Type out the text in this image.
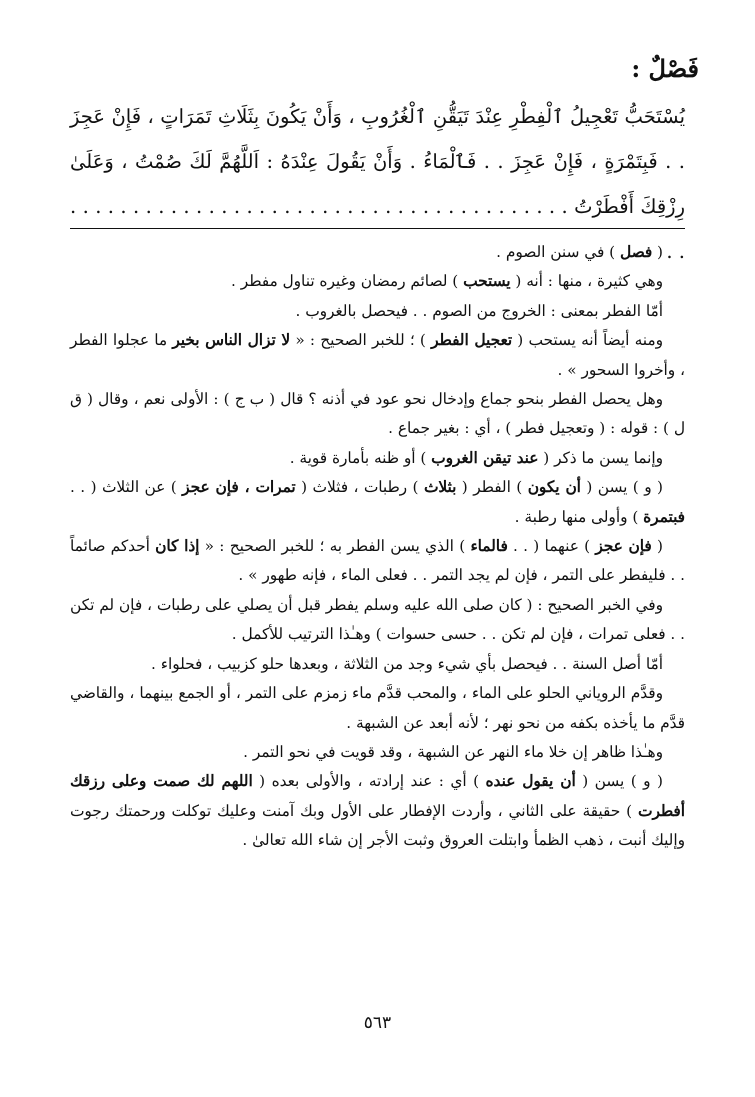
فَصْلٌ :
يُسْتَحَبُّ تَعْجِيلُ ٱلْفِطْرِ عِنْدَ تَيَقُّنِ ٱلْغُرُوبِ ، وَأَنْ يَكُونَ بِثَلَاثِ تَمَرَاتٍ ، فَإِنْ عَجِزَ . . فَبِتَمْرَةٍ ، فَإِنْ عَجِزَ . . فَٱلْمَاءُ . وَأَنْ يَقُولَ عِنْدَهُ : اَللَّهُمَّ لَكَ صُمْتُ ، وَعَلَىٰ رِزْقِكَ أَفْطَرْتُ . . . . . . . . . . . . . . . . . . . . . . . . . . . . . . . . . . . . . . . . . .

( فصل ) في سنن الصوم .

وهي كثيرة ، منها : أنه ( يستحب ) لصائم رمضان وغيره تناول مفطر .

أمّا الفطر بمعنى : الخروج من الصوم . . فيحصل بالغروب .

ومنه أيضاً أنه يستحب ( تعجيل الفطر ) ؛ للخبر الصحيح : « لا تزال الناس بخير ما عجلوا الفطر ، وأخروا السحور » .

وهل يحصل الفطر بنحو جماع وإدخال نحو عود في أذنه ؟ قال ( ب ج ) : الأولى نعم ، وقال ( ق ل ) : قوله : ( وتعجيل فطر ) ، أي : بغير جماع .

وإنما يسن ما ذكر ( عند تيقن الغروب ) أو ظنه بأمارة قوية .

( و ) يسن ( أن يكون ) الفطر ( بثلاث ) رطبات ، فثلاث ( تمرات ، فإن عجز ) عن الثلاث ( . . فبتمرة ) وأولى منها رطبة .

( فإن عجز ) عنهما ( . . فالماء ) الذي يسن الفطر به ؛ للخبر الصحيح : « إذا كان أحدكم صائماً . . فليفطر على التمر ، فإن لم يجد التمر . . فعلى الماء ، فإنه طهور » .

وفي الخبر الصحيح : ( كان صلى الله عليه وسلم يفطر قبل أن يصلي على رطبات ، فإن لم تكن . . فعلى تمرات ، فإن لم تكن . . حسى حسوات ) وهـٰذا الترتيب للأكمل .

أمّا أصل السنة . . فيحصل بأي شيء وجد من الثلاثة ، وبعدها حلو كزبيب ، فحلواء .

وقدَّم الروياني الحلو على الماء ، والمحب قدَّم ماء زمزم على التمر ، أو الجمع بينهما ، والقاضي قدَّم ما يأخذه بكفه من نحو نهر ؛ لأنه أبعد عن الشبهة .

وهـٰذا ظاهر إن خلا ماء النهر عن الشبهة ، وقد قويت في نحو التمر .

( و ) يسن ( أن يقول عنده ) أي : عند إرادته ، والأولى بعده ( اللهم لك صمت وعلى رزقك أفطرت ) حقيقة على الثاني ، وأردت الإفطار على الأول وبك آمنت وعليك توكلت ورحمتك رجوت وإليك أنبت ، ذهب الظمأ وابتلت العروق وثبت الأجر إن شاء الله تعالىٰ .

٥٦٣
